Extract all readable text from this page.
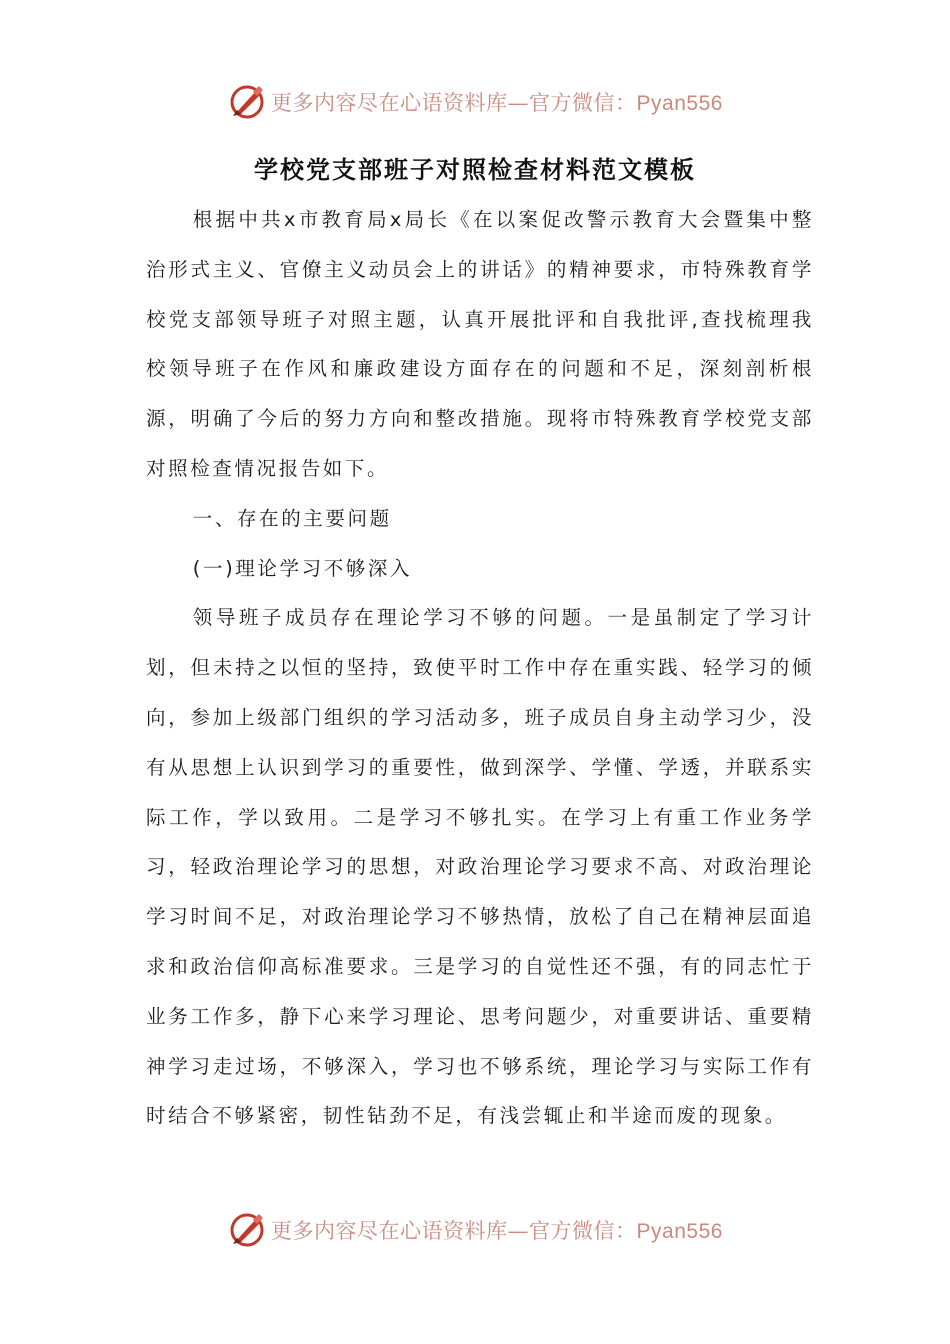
更多内容尽在心语资料库—官方微信：Pyan556
学校党支部班子对照检查材料范文模板

根据中共x市教育局x局长《在以案促改警示教育大会暨集中整治形式主义、官僚主义动员会上的讲话》的精神要求，市特殊教育学校党支部领导班子对照主题，认真开展批评和自我批评,查找梳理我校领导班子在作风和廉政建设方面存在的问题和不足，深刻剖析根源，明确了今后的努力方向和整改措施。现将市特殊教育学校党支部对照检查情况报告如下。

一、存在的主要问题

(一)理论学习不够深入

领导班子成员存在理论学习不够的问题。一是虽制定了学习计划，但未持之以恒的坚持，致使平时工作中存在重实践、轻学习的倾向，参加上级部门组织的学习活动多，班子成员自身主动学习少，没有从思想上认识到学习的重要性，做到深学、学懂、学透，并联系实际工作，学以致用。二是学习不够扎实。在学习上有重工作业务学习，轻政治理论学习的思想，对政治理论学习要求不高、对政治理论学习时间不足，对政治理论学习不够热情，放松了自己在精神层面追求和政治信仰高标准要求。三是学习的自觉性还不强，有的同志忙于业务工作多，静下心来学习理论、思考问题少，对重要讲话、重要精神学习走过场，不够深入，学习也不够系统，理论学习与实际工作有时结合不够紧密，韧性钻劲不足，有浅尝辄止和半途而废的现象。

更多内容尽在心语资料库—官方微信：Pyan556
